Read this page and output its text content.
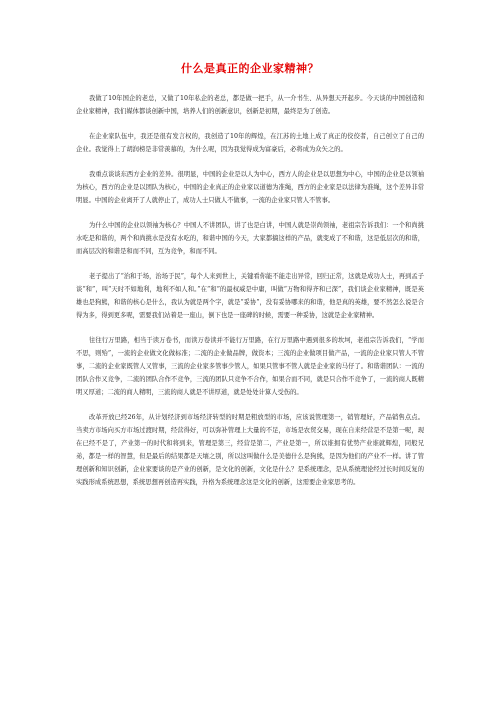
什么是真正的企业家精神？

我做了10年国企的老总，又做了10年私企的老总，都是做一把手，从一介书生、从异想天开起步。今天谈的中国创造和企业家精神，我们媒体都谈创新中国，培养人们的创新意识，创新是初期，最终是为了创造。

在企业家队伍中，我还是很有发言权的，我创造了10年的辉煌，在江苏的土地上成了真正的佼佼者，自己创立了自己的企业。我觉得上了胡润榜是非常羡慕的，为什么呢，因为我觉得成为富豪后，必将成为众矢之的。

我重点谈谈东西方企业的差异。很明显，中国的企业是以人为中心，西方人的企业是以思想为中心，中国的企业是以领袖为核心，西方的企业是以团队为核心，中国的企业真正的企业家以道德为准绳，西方的企业家是以法律为准绳，这个差异非常明显。中国的企业离开了人就停止了，成功人士只做人不做事，一流的企业家只管人不管事。

为什么中国的企业以领袖为核心？中国人不讲团队，讲了也是白讲，中国人就是崇尚领袖，老祖宗告诉我们：一个和尚挑水吃是和谐的，两个和尚挑水是没有水吃的，和谐中国的今天，大家都搞这样的产品，就变成了不和谐，这是低层次的和谐，而高层次的和谐是和而不同，互为竞争，和而不同。

老子提出了“治和于场，治场于民”，每个人来到世上，关键看你能不能走出异常，回归正常，这就是成功人士，再到孟子谈“和”，叫“天时不如地利，地利不如人和。”在“和”的最权威是中庸，叫做“万物和得齐和已深”，我们谈企业家精神，既是英雄也是狗熊，和谐的核心是什么，我认为就是两个字，就是“妥协”，没有妥协哪来的和谐，他是真的英雄，要不然怎么说是合得为多，得到更多呢，需要我们站着是一座山，倒下也是一座碑的时候，需要一种妥协，这就是企业家精神。

往往行万里路，相当于读万卷书，而读万卷读并不能行万里路，在行万里路中遇到很多的坎坷，老祖宗告诉我们，“学而不思，则殆”，一流的企业做文化做标准；二流的企业做品牌，做资本；三流的企业做项目做产品，一流的企业家只管人不管事，二流的企业家既管人又管事，三流的企业家多管事少管人，如果只管事不管人就是企业家的马仔了。和谐谐团队：一流的团队合作又竞争，二流的团队合作不竞争，三流的团队只竞争不合作，如果合而不同，就是只合作不竞争了，一流的商人既精明又厚道；二流的商人精明，三流的商人就是不讲厚道，就是处处计算人受伤的。

改革开放已经26年，从计划经济到市场经济转型的时期是粗放型的市场，应该说管理第一，销管理好，产品销售点点。当卖方市场向买方市场过渡时期，经营得好，可以弥补管理上大量的不足，市场是农贸交易，现在自来经营是不是第一呢，现在已经不是了，产业第一的时代和将到来，管理是第三，经营是第二，产业是第一，所以谁拥有优势产业谁就辉煌，同般兄弟，都是一样的智慧，但是最后的结果都是天壤之别，所以这叫做什么是美德什么是狗熊，是因为他们的产业不一样。讲了管理创新和知识创新，企业家要谈的是产业的创新，是文化的创新，文化是什么？是系统理念，是从系统理论经过长时间反复的实践形成系统思想，系统思想再创造再实践，升格为系统理念这是文化的创新，这需要企业家思考的。
